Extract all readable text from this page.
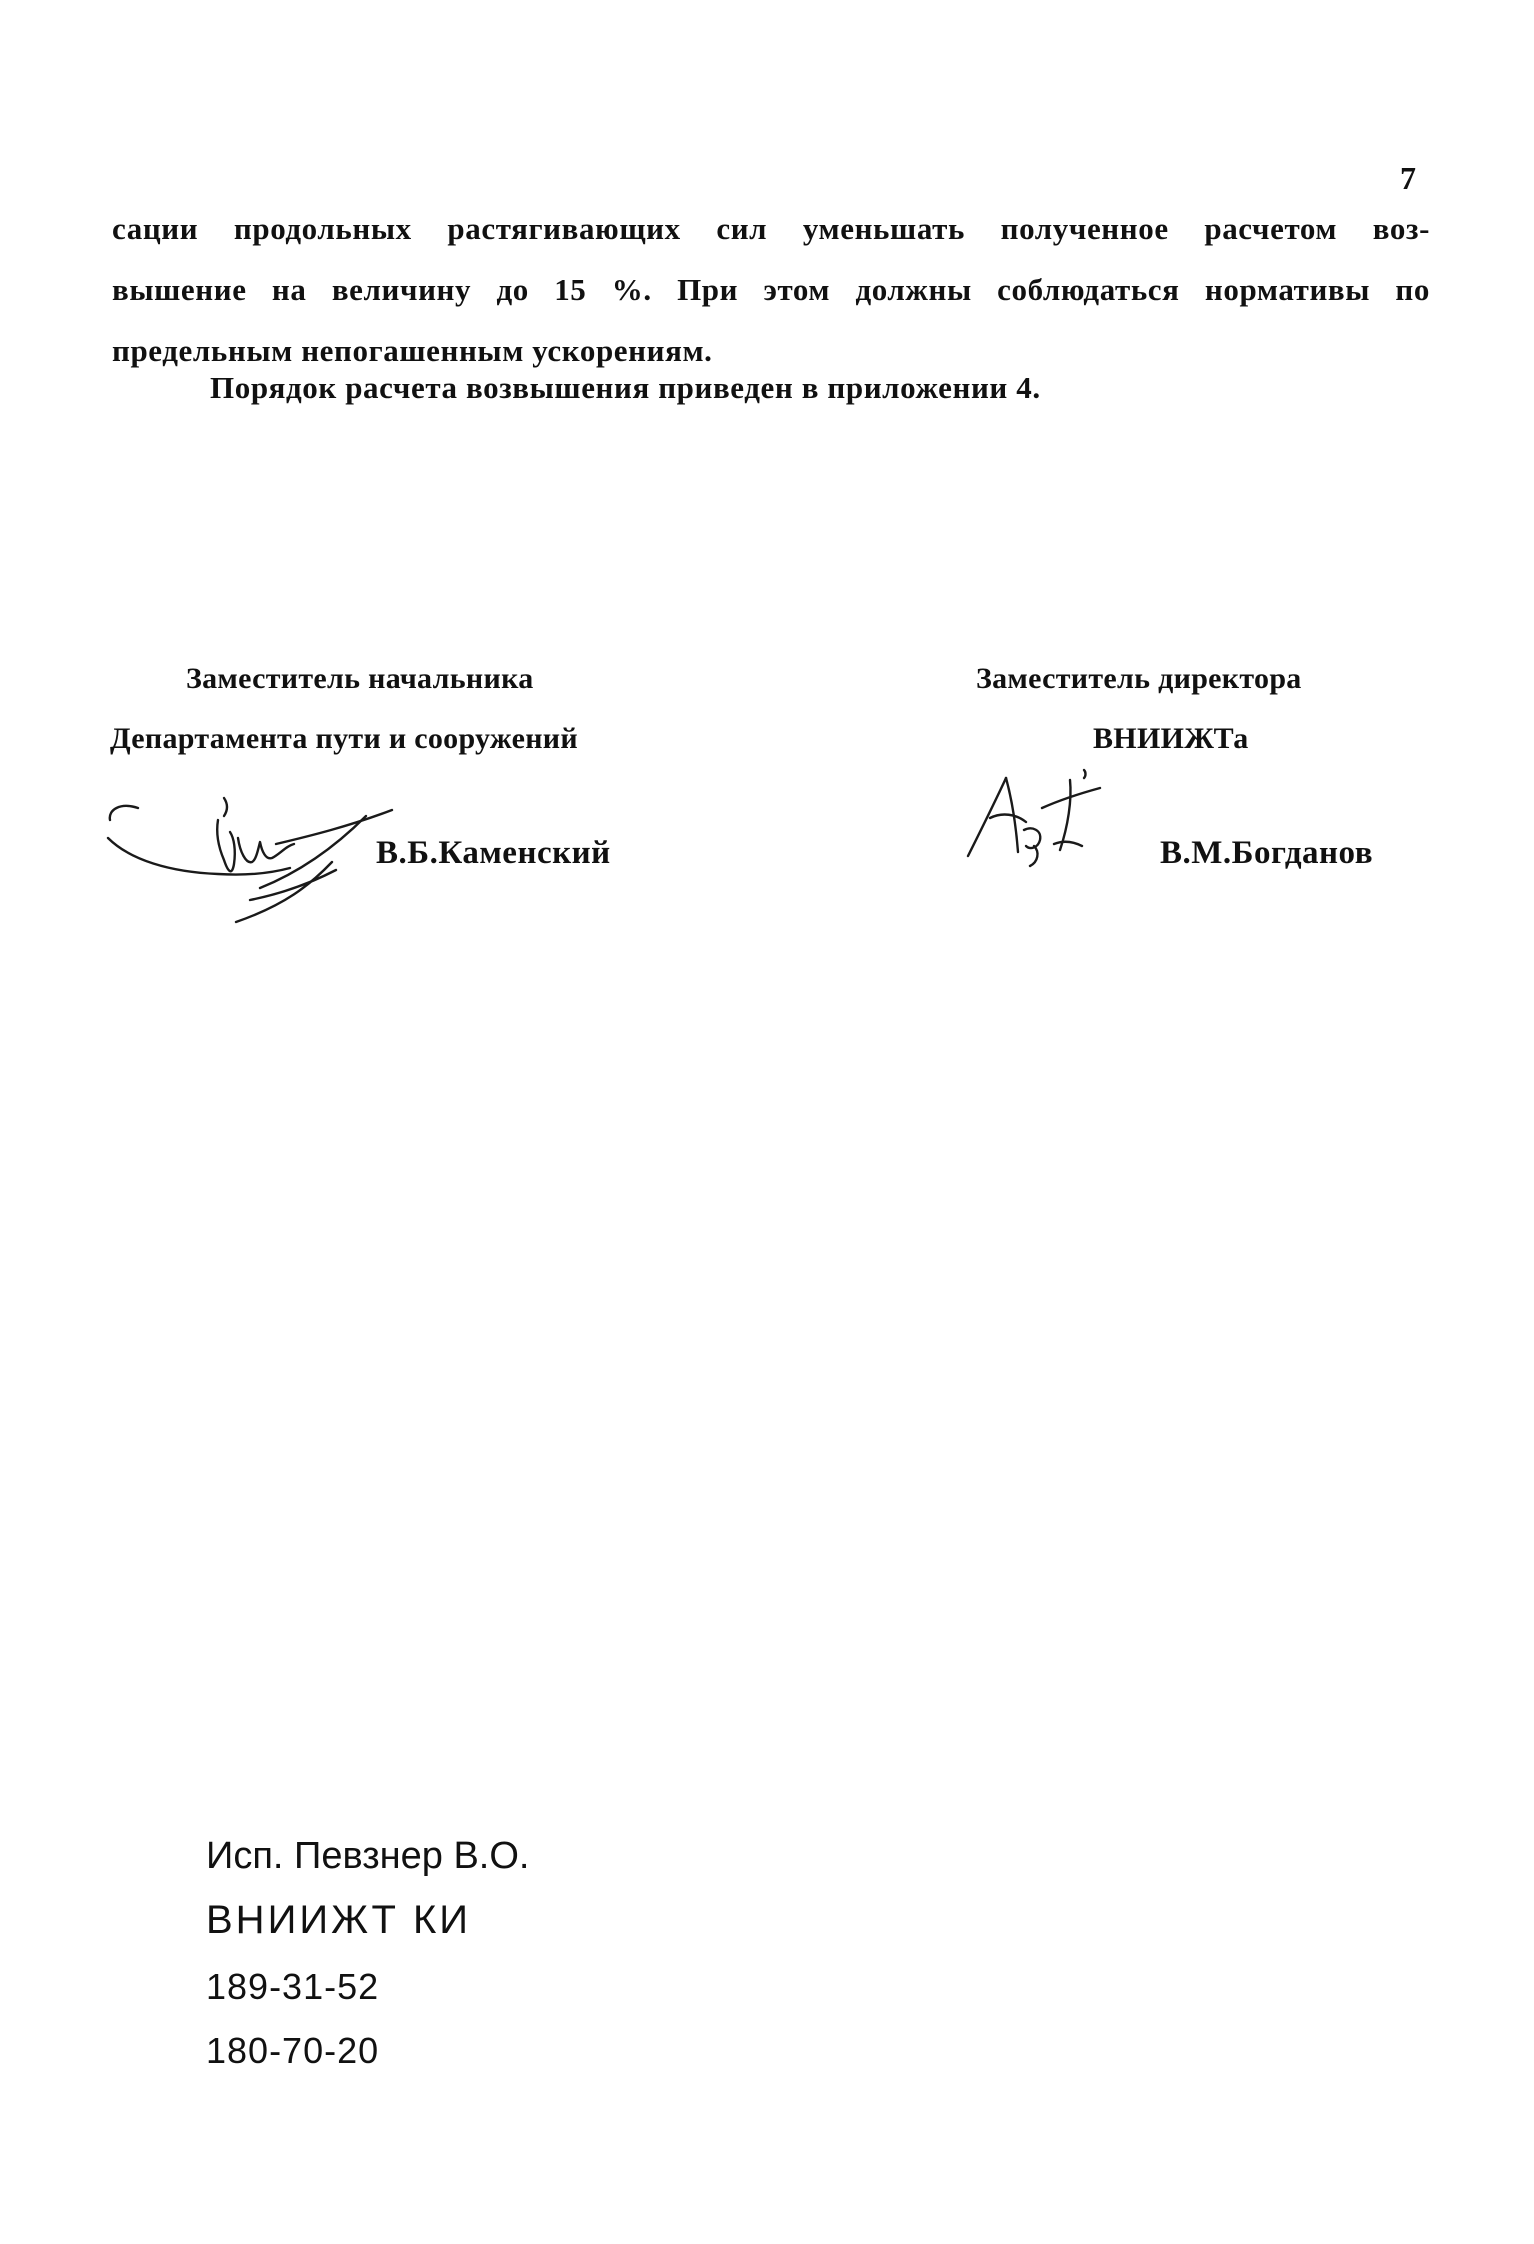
7

сации продольных растягивающих сил уменьшать полученное расчетом воз-
вышение на величину до 15 %. При этом должны соблюдаться нормативы по
предельным непогашенным ускорениям.

Порядок расчета возвышения приведен в приложении 4.

Заместитель начальника

Департамента пути и сооружений

В.Б.Каменский

Заместитель директора

ВНИИЖТа

В.М.Богданов

Исп. Певзнер В.О.

ВНИИЖТ КИ

189-31-52

180-70-20
